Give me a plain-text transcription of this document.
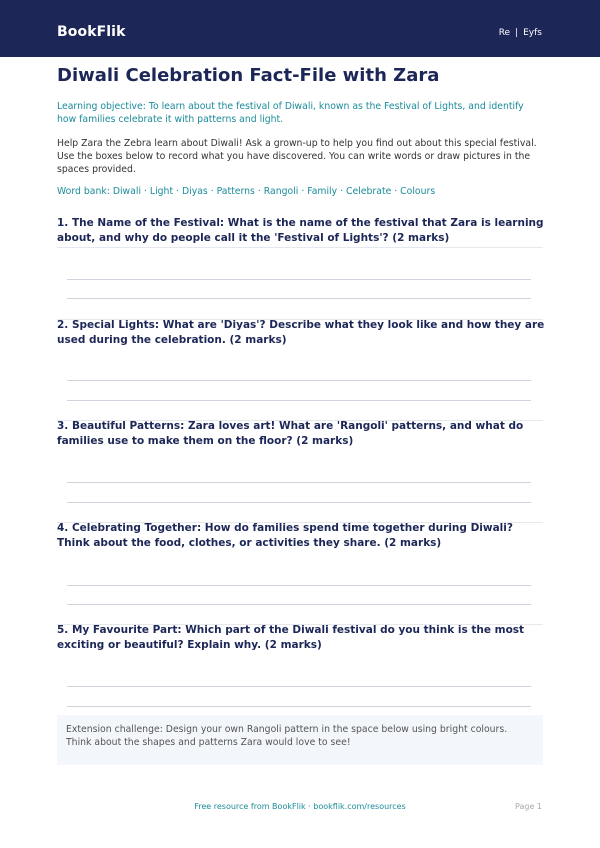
BookFlik	Re | Eyfs
Diwali Celebration Fact-File with Zara
Learning objective: To learn about the festival of Diwali, known as the Festival of Lights, and identify how families celebrate it with patterns and light.
Help Zara the Zebra learn about Diwali! Ask a grown-up to help you find out about this special festival. Use the boxes below to record what you have discovered. You can write words or draw pictures in the spaces provided.
Word bank: Diwali · Light · Diyas · Patterns · Rangoli · Family · Celebrate · Colours
1. The Name of the Festival: What is the name of the festival that Zara is learning about, and why do people call it the 'Festival of Lights'? (2 marks)
2. Special Lights: What are 'Diyas'? Describe what they look like and how they are used during the celebration. (2 marks)
3. Beautiful Patterns: Zara loves art! What are 'Rangoli' patterns, and what do families use to make them on the floor? (2 marks)
4. Celebrating Together: How do families spend time together during Diwali? Think about the food, clothes, or activities they share. (2 marks)
5. My Favourite Part: Which part of the Diwali festival do you think is the most exciting or beautiful? Explain why. (2 marks)
Extension challenge: Design your own Rangoli pattern in the space below using bright colours. Think about the shapes and patterns Zara would love to see!
Free resource from BookFlik · bookflik.com/resources	Page 1
